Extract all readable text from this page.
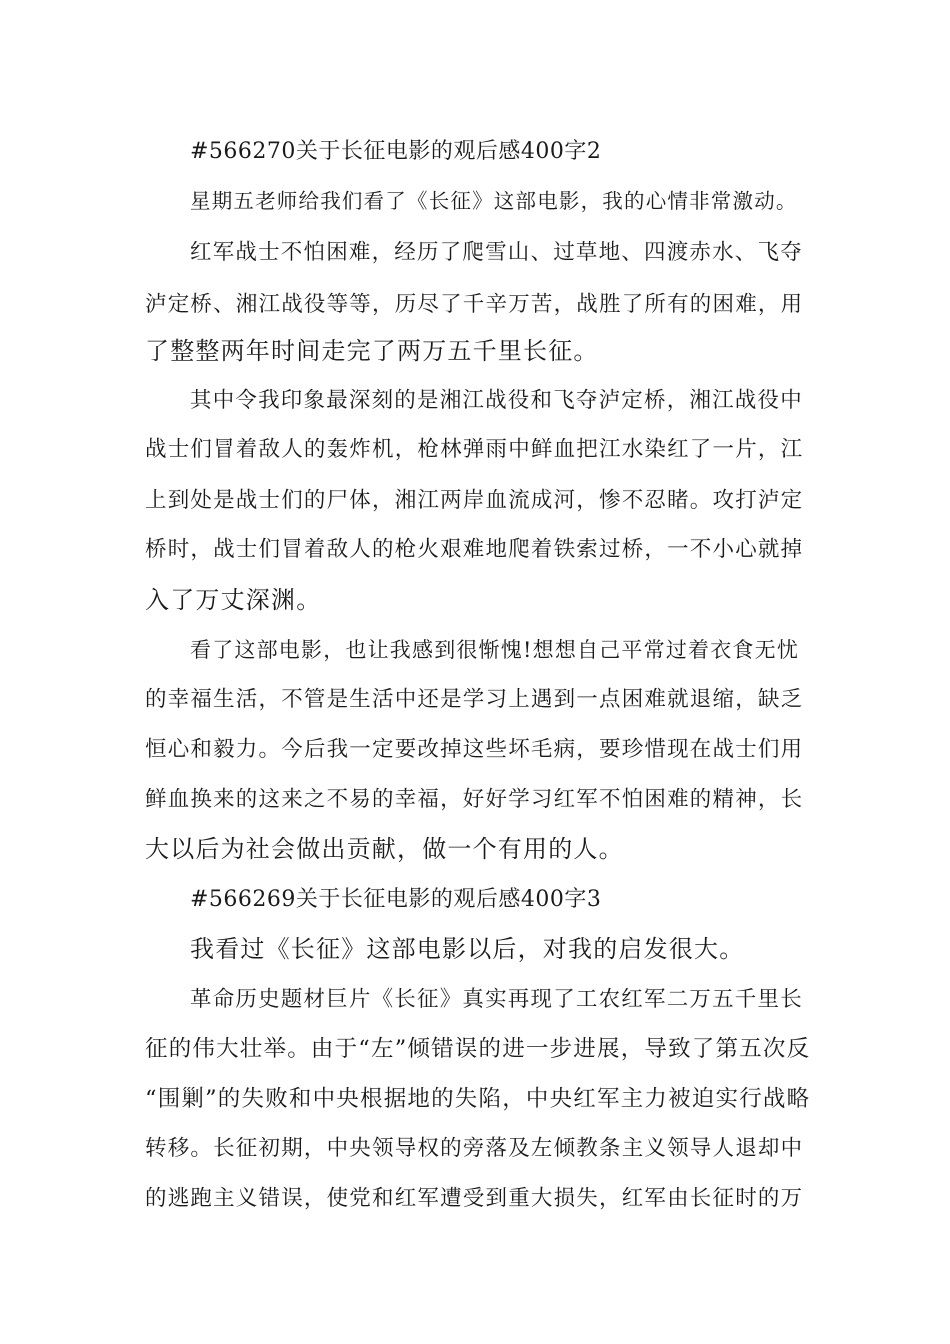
#566270关于长征电影的观后感400字2
星期五老师给我们看了《长征》这部电影，我的心情非常激动。
红军战士不怕困难，经历了爬雪山、过草地、四渡赤水、飞夺
泸定桥、湘江战役等等，历尽了千辛万苦，战胜了所有的困难，用
了整整两年时间走完了两万五千里长征。
其中令我印象最深刻的是湘江战役和飞夺泸定桥，湘江战役中
战士们冒着敌人的轰炸机，枪林弹雨中鲜血把江水染红了一片，江
上到处是战士们的尸体，湘江两岸血流成河，惨不忍睹。攻打泸定
桥时，战士们冒着敌人的枪火艰难地爬着铁索过桥，一不小心就掉
入了万丈深渊。
看了这部电影，也让我感到很惭愧!想想自己平常过着衣食无忧
的幸福生活，不管是生活中还是学习上遇到一点困难就退缩，缺乏
恒心和毅力。今后我一定要改掉这些坏毛病，要珍惜现在战士们用
鲜血换来的这来之不易的幸福，好好学习红军不怕困难的精神，长
大以后为社会做出贡献，做一个有用的人。
#566269关于长征电影的观后感400字3
我看过《长征》这部电影以后，对我的启发很大。
革命历史题材巨片《长征》真实再现了工农红军二万五千里长
征的伟大壮举。由于“左”倾错误的进一步进展，导致了第五次反
“围剿”的失败和中央根据地的失陷，中央红军主力被迫实行战略
转移。长征初期，中央领导权的旁落及左倾教条主义领导人退却中
的逃跑主义错误，使党和红军遭受到重大损失，红军由长征时的万
